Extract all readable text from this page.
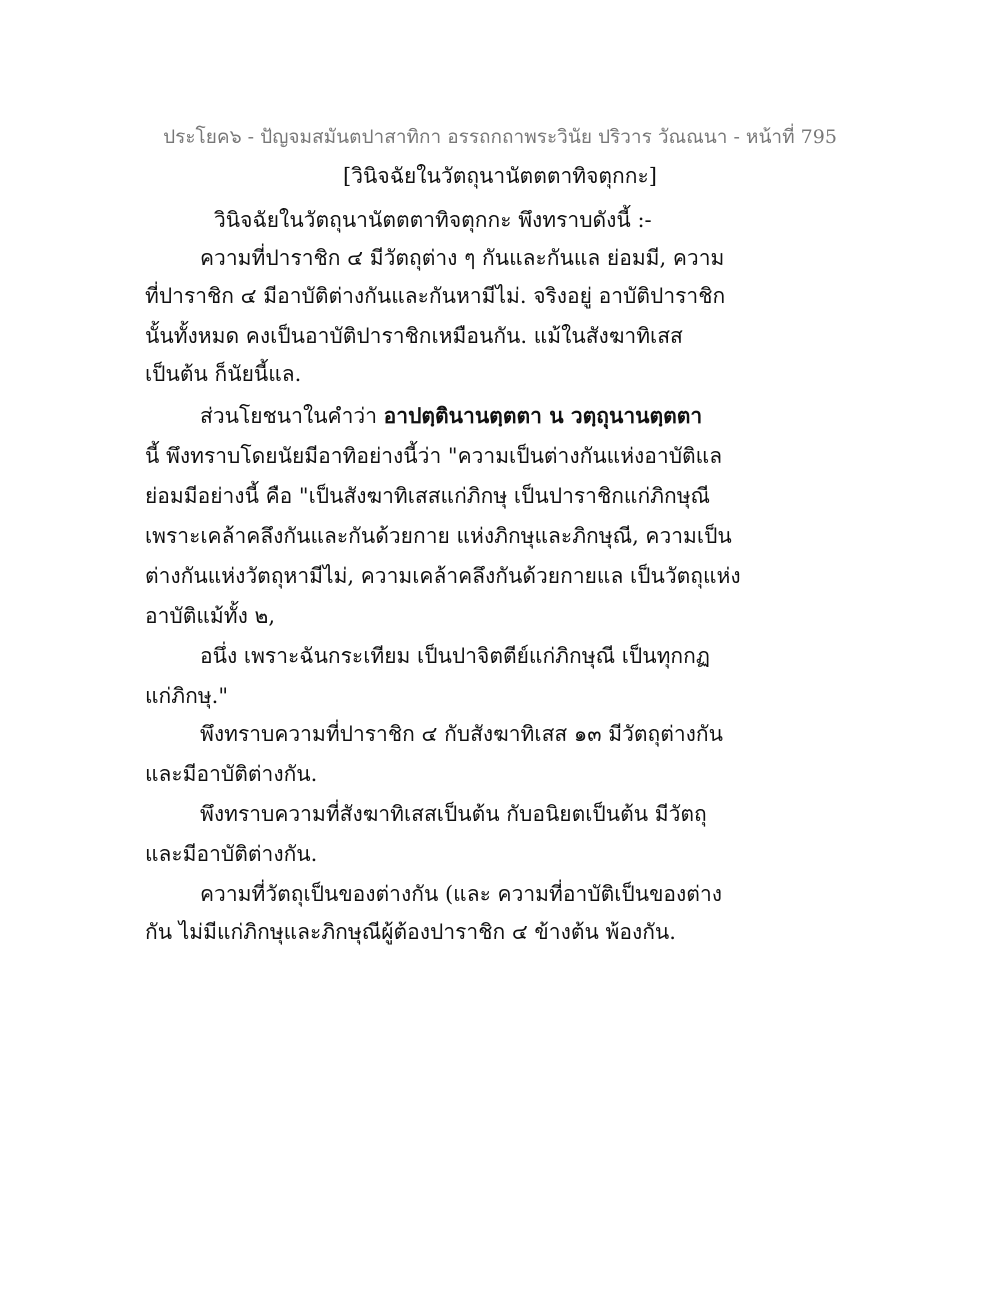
ประโยค๖ - ปัญจมสมันตปาสาทิกา อรรถกถาพระวินัย ปริวาร วัณณนา - หน้าที่ 795
[วินิจฉัยในวัตถุนานัตตตาทิจตุกกะ]
วินิจฉัยในวัตถุนานัตตตาทิจตุกกะ พึงทราบดังนี้ :-
ความที่ปาราชิก ๔ มีวัตถุต่าง ๆ กันและกันแล ย่อมมี, ความ
ที่ปาราชิก ๔ มีอาบัติต่างกันและกันหามีไม่. จริงอยู่ อาบัติปาราชิก
นั้นทั้งหมด คงเป็นอาบัติปาราชิกเหมือนกัน. แม้ในสังฆาทิเสส
เป็นต้น ก็นัยนี้แล.
ส่วนโยชนาในคำว่า อาปตฺตินานตฺตตา น วตฺถุนานตฺตตา
นี้ พึงทราบโดยนัยมีอาทิอย่างนี้ว่า "ความเป็นต่างกันแห่งอาบัติแล
ย่อมมีอย่างนี้ คือ "เป็นสังฆาทิเสสแก่ภิกษุ เป็นปาราชิกแก่ภิกษุณี
เพราะเคล้าคลึงกันและกันด้วยกาย แห่งภิกษุและภิกษุณี, ความเป็น
ต่างกันแห่งวัตถุหามีไม่, ความเคล้าคลึงกันด้วยกายแล เป็นวัตถุแห่ง
อาบัติแม้ทั้ง ๒,
อนึ่ง เพราะฉันกระเทียม เป็นปาจิตตีย์แก่ภิกษุณี เป็นทุกกฏ
แก่ภิกษุ."
พึงทราบความที่ปาราชิก ๔ กับสังฆาทิเสส ๑๓ มีวัตถุต่างกัน
และมีอาบัติต่างกัน.
พึงทราบความที่สังฆาทิเสสเป็นต้น กับอนิยตเป็นต้น มีวัตถุ
และมีอาบัติต่างกัน.
ความที่วัตถุเป็นของต่างกัน (และ ความที่อาบัติเป็นของต่าง
กัน ไม่มีแก่ภิกษุและภิกษุณีผู้ต้องปาราชิก ๔ ข้างต้น พ้องกัน.
